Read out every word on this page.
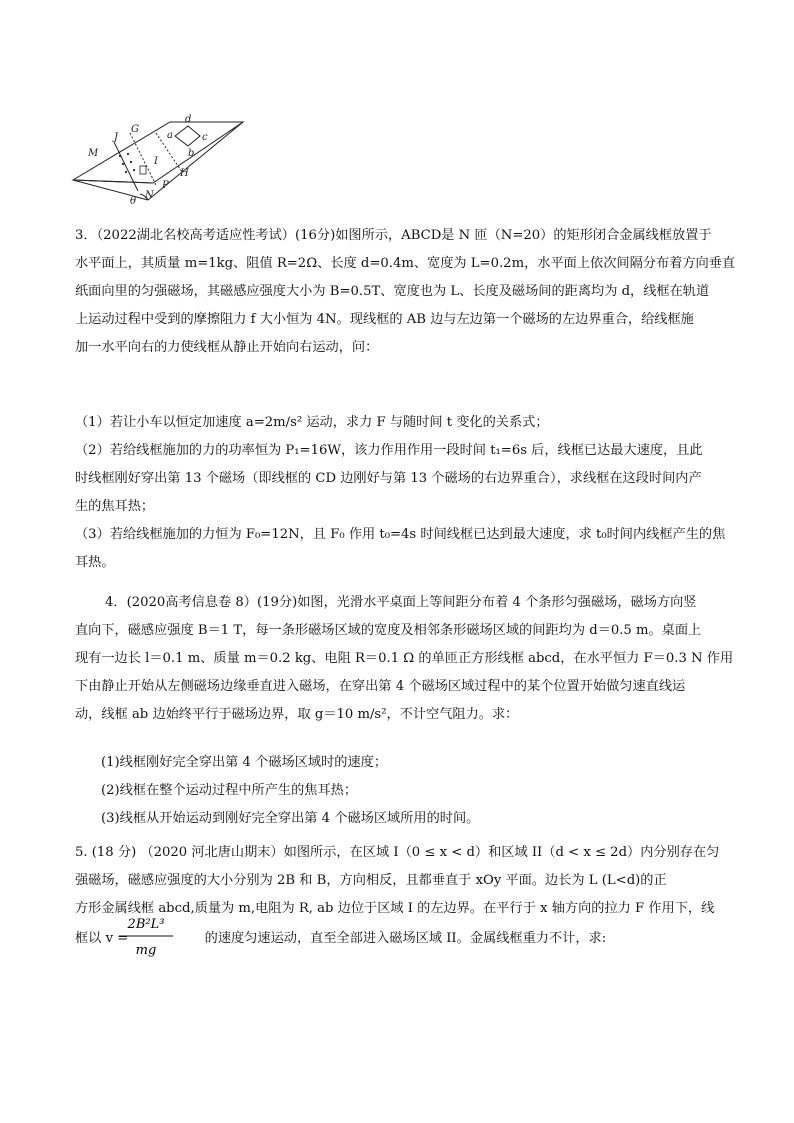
M
J
G
a
d
c
b
I
H
P
N
θ
3．（2022湖北名校高考适应性考试）(16分)如图所示，ABCD是 N 匝（N=20）的矩形闭合金属线框放置于
水平面上，其质量 m=1kg、阻值 R=2Ω、长度 d=0.4m、宽度为 L=0.2m，水平面上依次间隔分布着方向垂直
纸面向里的匀强磁场，其磁感应强度大小为 B=0.5T、宽度也为 L、长度及磁场间的距离均为 d，线框在轨道
上运动过程中受到的摩擦阻力 f 大小恒为 4N。现线框的 AB 边与左边第一个磁场的左边界重合，给线框施
加一水平向右的力使线框从静止开始向右运动，问：
（1）若让小车以恒定加速度 a=2m/s² 运动，求力 F 与随时间 t 变化的关系式；
（2）若给线框施加的力的功率恒为 P₁=16W，该力作用作用一段时间 t₁=6s 后，线框已达最大速度，且此
时线框刚好穿出第 13 个磁场（即线框的 CD 边刚好与第 13 个磁场的右边界重合），求线框在这段时间内产
生的焦耳热；
（3）若给线框施加的力恒为 F₀=12N，且 F₀ 作用 t₀=4s 时间线框已达到最大速度，求 t₀时间内线框产生的焦
耳热。
4．(2020高考信息卷 8）(19分)如图，光滑水平桌面上等间距分布着 4 个条形匀强磁场，磁场方向竖
直向下，磁感应强度 B＝1 T，每一条形磁场区域的宽度及相邻条形磁场区域的间距均为 d＝0.5 m。桌面上
现有一边长 l＝0.1 m、质量 m＝0.2 kg、电阻 R＝0.1 Ω 的单匝正方形线框 abcd，在水平恒力 F＝0.3 N 作用
下由静止开始从左侧磁场边缘垂直进入磁场，在穿出第 4 个磁场区域过程中的某个位置开始做匀速直线运
动，线框 ab 边始终平行于磁场边界，取 g＝10 m/s²，不计空气阻力。求：
(1)线框刚好完全穿出第 4 个磁场区域时的速度；
(2)线框在整个运动过程中所产生的焦耳热；
(3)线框从开始运动到刚好完全穿出第 4 个磁场区域所用的时间。
5. (18 分) （2020 河北唐山期末）如图所示，在区域 I（0 ≤ x < d）和区域 II（d < x ≤ 2d）内分别存在匀
强磁场，磁感应强度的大小分别为 2B 和 B，方向相反，且都垂直于 xOy 平面。边长为 L (L<d)的正
方形金属线框 abcd,质量为 m,电阻为 R, ab 边位于区域 I 的左边界。在平行于 x 轴方向的拉力 F 作用下，线
框以 v =	的速度匀速运动，直至全部进入磁场区域 II。金属线框重力不计，求:
2B²L³
mg
